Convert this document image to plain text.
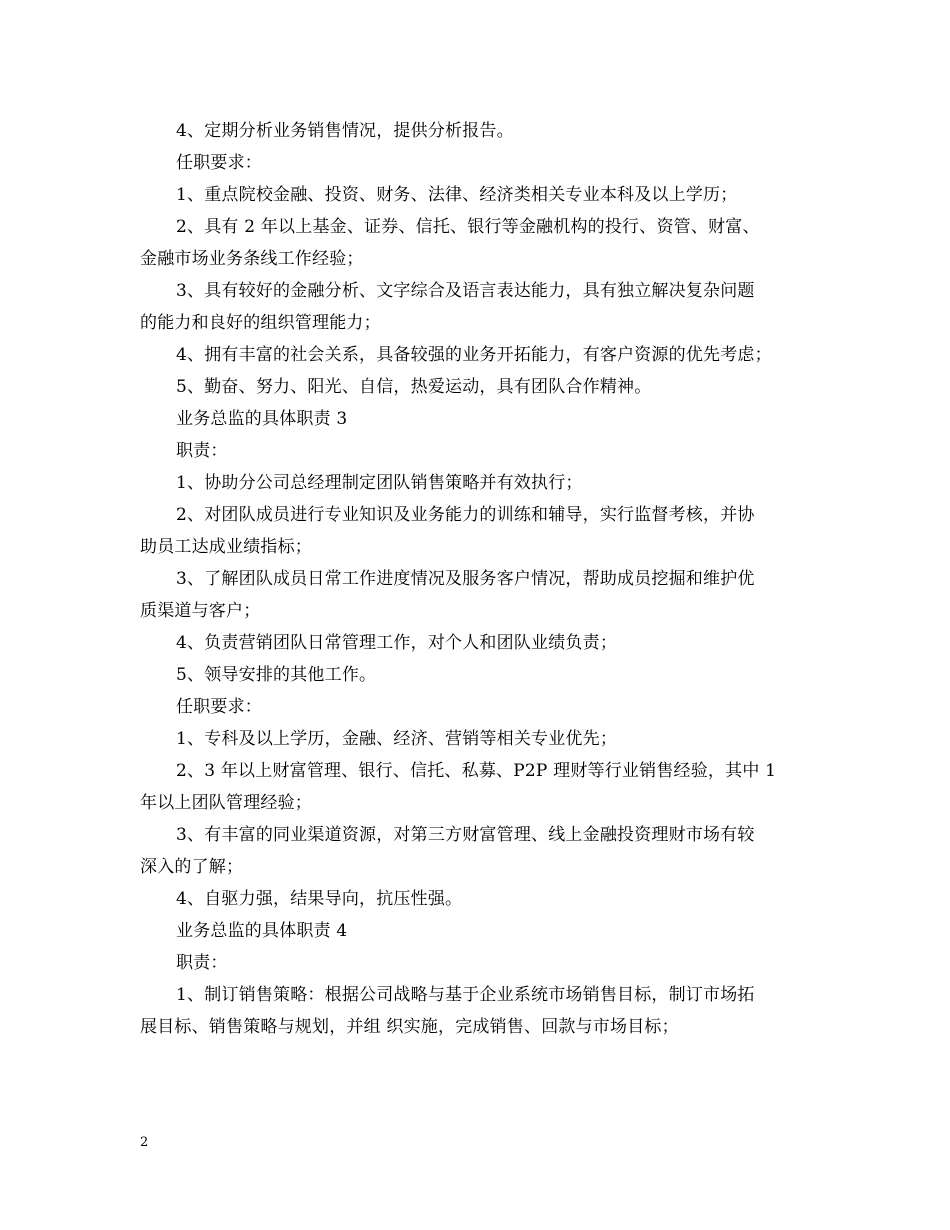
4、定期分析业务销售情况，提供分析报告。
任职要求：
1、重点院校金融、投资、财务、法律、经济类相关专业本科及以上学历；
2、具有 2 年以上基金、证券、信托、银行等金融机构的投行、资管、财富、
金融市场业务条线工作经验；
3、具有较好的金融分析、文字综合及语言表达能力，具有独立解决复杂问题
的能力和良好的组织管理能力；
4、拥有丰富的社会关系，具备较强的业务开拓能力，有客户资源的优先考虑；
5、勤奋、努力、阳光、自信，热爱运动，具有团队合作精神。
业务总监的具体职责 3
职责：
1、协助分公司总经理制定团队销售策略并有效执行；
2、对团队成员进行专业知识及业务能力的训练和辅导，实行监督考核，并协
助员工达成业绩指标；
3、了解团队成员日常工作进度情况及服务客户情况，帮助成员挖掘和维护优
质渠道与客户；
4、负责营销团队日常管理工作，对个人和团队业绩负责；
5、领导安排的其他工作。
任职要求：
1、专科及以上学历，金融、经济、营销等相关专业优先；
2、3 年以上财富管理、银行、信托、私募、P2P 理财等行业销售经验，其中 1
年以上团队管理经验；
3、有丰富的同业渠道资源，对第三方财富管理、线上金融投资理财市场有较
深入的了解；
4、自驱力强，结果导向，抗压性强。
业务总监的具体职责 4
职责：
1、制订销售策略：根据公司战略与基于企业系统市场销售目标，制订市场拓
展目标、销售策略与规划，并组 织实施，完成销售、回款与市场目标；
2
